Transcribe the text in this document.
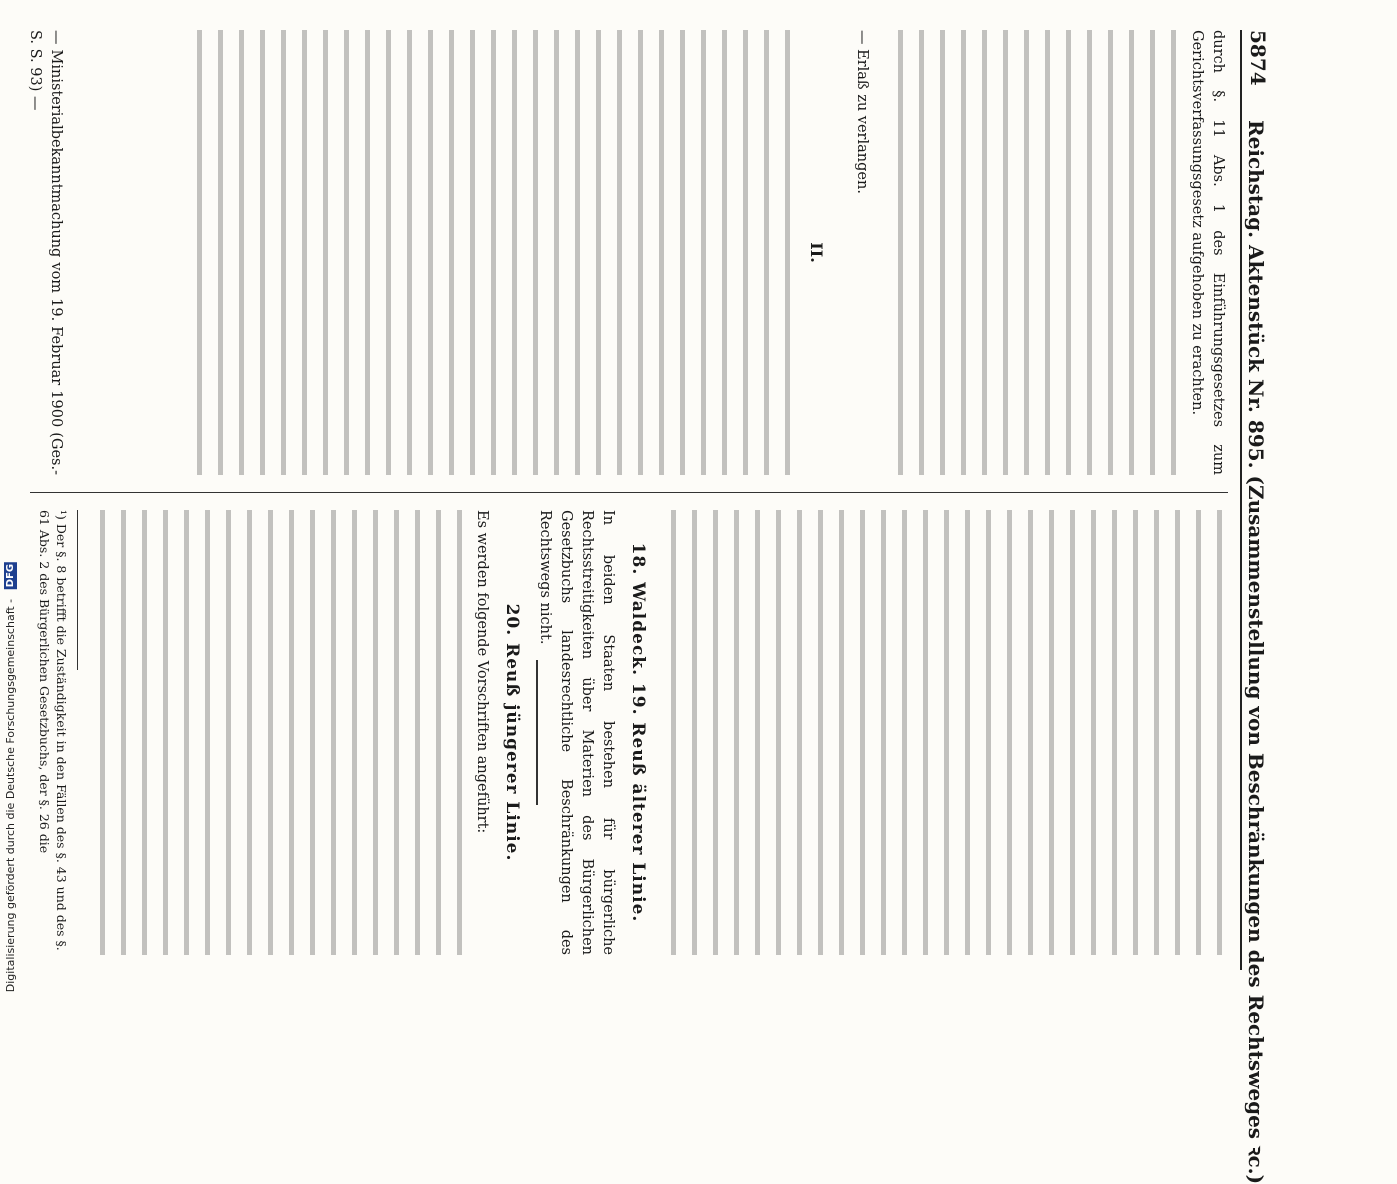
5874
Reichstag. Aktenstück Nr. 895. (Zusammenstellung von Beschränkungen des Rechtsweges ꝛc.)

durch §. 11 Abs. 1 des Einführungsgesetzes zum Gerichtsverfassungsgesetz aufgehoben zu erachten.

— Erlaß zu verlangen.

II.

— Ministerialbekanntmachung vom 19. Februar 1900 (Ges.-S. S. 93) —

18. Waldeck. 19. Reuß älterer Linie.

In beiden Staaten bestehen für bürgerliche Rechtsstreitigkeiten über Materien des Bürgerlichen Gesetzbuchs landesrechtliche Beschränkungen des Rechtswegs nicht.

20. Reuß jüngerer Linie.

Es werden folgende Vorschriften angeführt:

¹) Der §. 8 betrifft die Zuständigkeit in den Fällen des §. 43 und des §. 61 Abs. 2 des Bürgerlichen Gesetzbuchs, der §. 26 die

Digitalisierung gefördert durch die Deutsche Forschungsgemeinschaft - DFG
